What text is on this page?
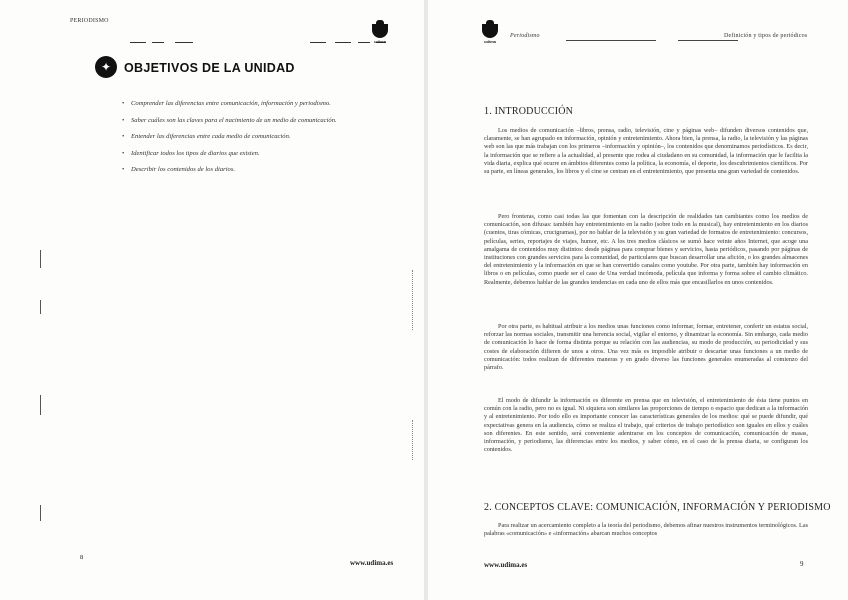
PERIODISMO
udima
✦	OBJETIVOS DE LA UNIDAD
• Comprender las diferencias entre comunicación, información y periodismo.
• Saber cuáles son las claves para el nacimiento de un medio de comunicación.
• Entender las diferencias entre cada medio de comunicación.
• Identificar todos los tipos de diarios que existen.
• Describir los contenidos de los diarios.
8
www.udima.es
udima
Periodismo	Definición y tipos de periódicos
1. INTRODUCCIÓN
Los medios de comunicación –libros, prensa, radio, televisión, cine y páginas web– difunden diversos contenidos que, claramente, se han agrupado en información, opinión y entretenimiento. Ahora bien, la prensa, la radio, la televisión y las páginas web son las que más trabajan con los primeros –información y opinión–, los contenidos que denominamos periodísticos. Es decir, la información que se refiere a la actualidad, al presente que rodea al ciudadano en su comunidad, la información que le facilita la vida diaria, explica qué ocurre en ámbitos diferentes como la política, la economía, el deporte, los descubrimientos científicos. Por su parte, en líneas generales, los libros y el cine se centran en el entretenimiento, que presenta una gran variedad de contenidos.
Pero fronteras, como casi todas las que fomentan con la descripción de realidades tan cambiantes como los medios de comunicación, son difusas: también hay entretenimiento en la radio (sobre todo en la musical), hay entretenimiento en los diarios (cuentos, tiras cómicas, crucigramas), por no hablar de la televisión y su gran variedad de formatos de entretenimiento: concursos, películas, series, reportajes de viajes, humor, etc. A los tres medios clásicos se sumó hace veinte años Internet, que acoge una amalgama de contenidos muy distintos: desde páginas para comprar bienes y servicios, hasta periódicos, pasando por páginas de instituciones con grandes servicios para la comunidad, de particulares que buscan desarrollar una afición, o los grandes almacenes del entretenimiento y la información en que se han convertido canales como youtube. Por otra parte, también hay información en libros o en películas, como puede ser el caso de Una verdad incómoda, película que informa y forma sobre el cambio climático. Realmente, debemos hablar de las grandes tendencias en cada uno de ellos más que encasillarlos en unos contenidos.
Por otra parte, es habitual atribuir a los medios unas funciones como informar, formar, entretener, conferir un estatus social, reforzar las normas sociales, transmitir una herencia social, vigilar el entorno, y dinamizar la economía. Sin embargo, cada medio de comunicación lo hace de forma distinta porque su relación con las audiencias, su modo de producción, su periodicidad y sus costes de elaboración difieren de unos a otros. Una vez más es imposible atribuir o descartar unas funciones a un medio de comunicación: todos realizan de diferentes maneras y en grado diverso las funciones generales enumeradas al comienzo del párrafo.
El modo de difundir la información es diferente en prensa que en televisión, el entretenimiento de ésta tiene puntos en común con la radio, pero no es igual. Ni siquiera son similares las proporciones de tiempo o espacio que dedican a la información y al entretenimiento. Por todo ello es importante conocer las características generales de los medios: qué se puede difundir, qué expectativas genera en la audiencia, cómo se realiza el trabajo, qué criterios de trabajo periodístico son iguales en ellos y cuáles son diferentes. En este sentido, será conveniente adentrarse en los conceptos de comunicación, comunicación de masas, información, y periodismo, las diferencias entre los medios, y saber cómo, en el caso de la prensa diaria, se configuran los contenidos.
2. CONCEPTOS CLAVE: COMUNICACIÓN, INFORMACIÓN Y PERIODISMO
Para realizar un acercamiento completo a la teoría del periodismo, debemos afinar nuestros instrumentos terminológicos. Las palabras «comunicación» e «información» abarcan muchos conceptos
www.udima.es	9
